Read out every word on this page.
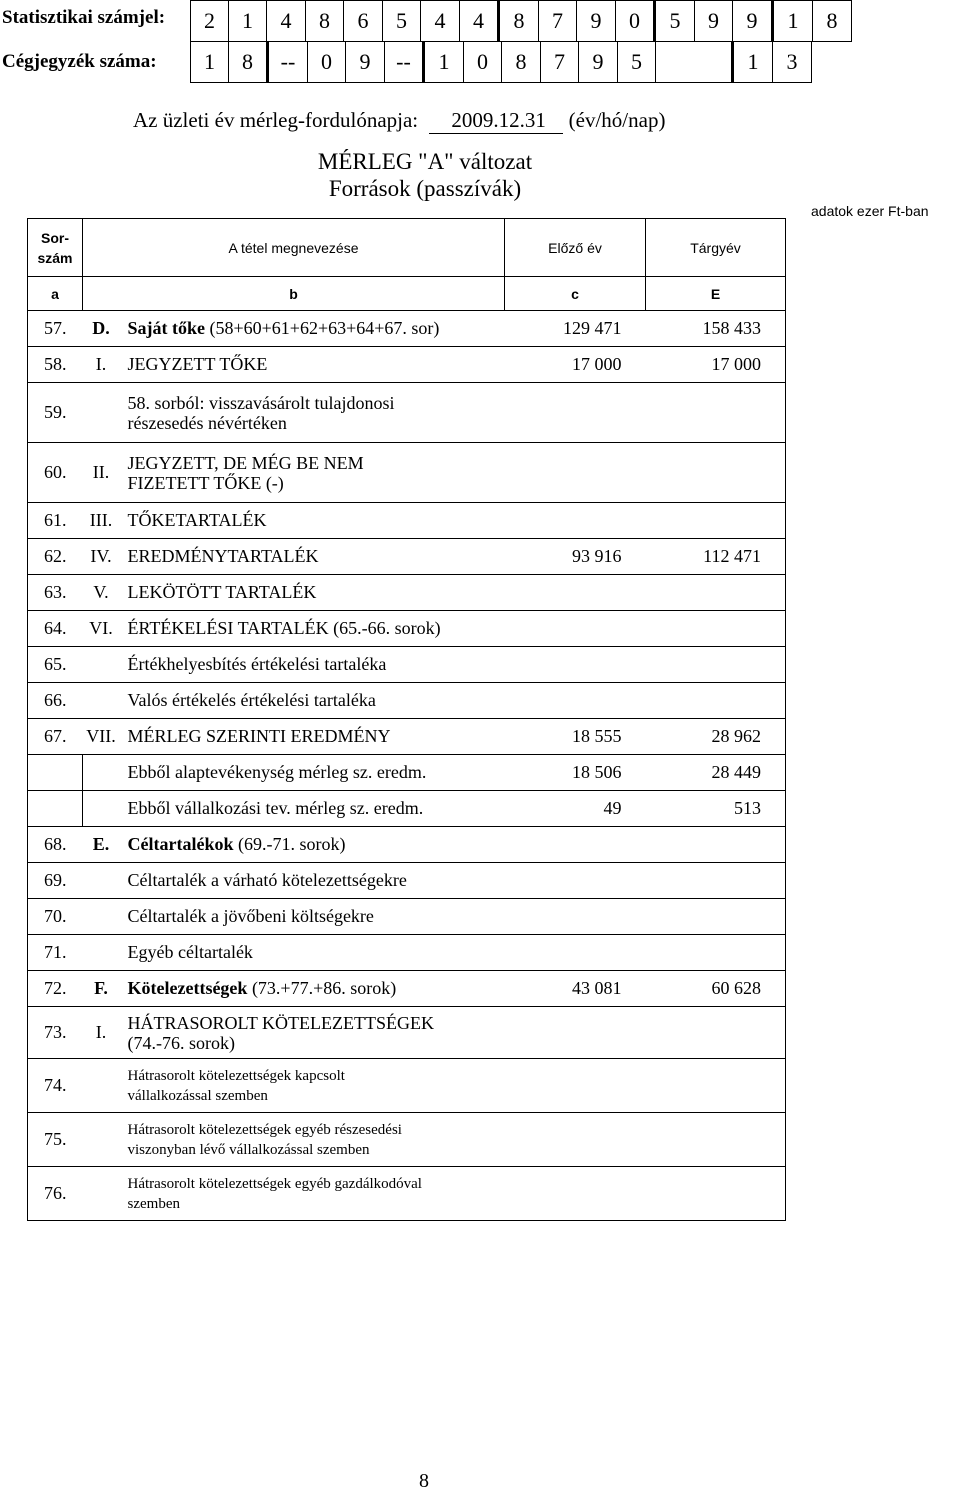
Statisztikai számjel: 2	1	4	8	6	5	4	4	8	7	9	0	5	9	9	1	8
Cégjegyzék száma: 1	8	--	0	9	--	1	0	8	7	9	5		1	3
Az üzleti év mérleg-fordulónapja: 2009.12.31 (év/hó/nap)
MÉRLEG "A" változat
Források (passzívák)
adatok ezer Ft-ban
Sor-
szám	A tétel megnevezése		Előző év	Tárgyév
a	b		c	E
57.	D.	Saját tőke (58+60+61+62+63+64+67. sor)	129 471	158 433
58.	I.	JEGYZETT TŐKE	17 000	17 000
59.		58. sorból: visszavásárolt tulajdonosi
részesedés névértéken		

60.	II.	JEGYZETT, DE MÉG BE NEM
FIZETETT TŐKE (-)		

61.	III.	TŐKETARTALÉK		
62.	IV.	EREDMÉNYTARTALÉK	93 916	112 471
63.	V.	LEKÖTÖTT TARTALÉK		
64.	VI.	ÉRTÉKELÉSI TARTALÉK (65.-66. sorok)		
65.		Értékhelyesbítés értékelési tartaléka		
66.		Valós értékelés értékelési tartaléka		
67.	VII.	MÉRLEG SZERINTI EREDMÉNY	18 555	28 962
		Ebből alaptevékenység mérleg sz. eredm.	18 506	28 449
		Ebből vállalkozási tev. mérleg sz. eredm.	49	513
68.	E.	Céltartalékok (69.-71. sorok)		
69.		Céltartalék a várható kötelezettségekre		
70.		Céltartalék a jövőbeni költségekre		
71.		Egyéb céltartalék		
72.	F.	Kötelezettségek (73.+77.+86. sorok)	43 081	60 628
73.	I.	HÁTRASOROLT KÖTELEZETTSÉGEK
(74.-76. sorok)		

74.		Hátrasorolt kötelezettségek kapcsolt
vállalkozással szemben		

75.		Hátrasorolt kötelezettségek egyéb részesedési
viszonyban lévő vállalkozással szemben		

76.		Hátrasorolt kötelezettségek egyéb gazdálkodóval
szemben		

8
